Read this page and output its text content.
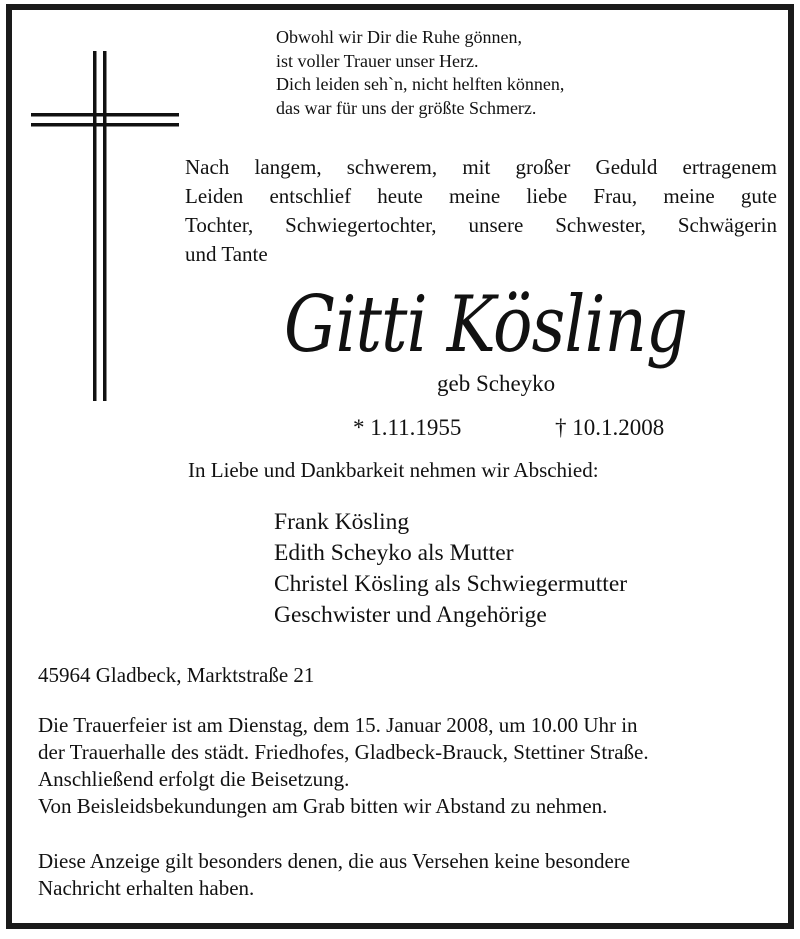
Obwohl wir Dir die Ruhe gönnen,
ist voller Trauer unser Herz.
Dich leiden seh`n, nicht helften können,
das war für uns der größte Schmerz.
Nach langem, schwerem, mit großer Geduld ertragenem
Leiden entschlief heute meine liebe Frau, meine gute
Tochter, Schwiegertochter, unsere Schwester, Schwägerin
und Tante
Gitti Kösling
geb Scheyko
* 1.11.1955	† 10.1.2008
In Liebe und Dankbarkeit nehmen wir Abschied:
Frank Kösling
Edith Scheyko als Mutter
Christel Kösling als Schwiegermutter
Geschwister und Angehörige
45964 Gladbeck, Marktstraße 21
Die Trauerfeier ist am Dienstag, dem 15. Januar 2008, um 10.00 Uhr in
der Trauerhalle des städt. Friedhofes, Gladbeck-Brauck, Stettiner Straße.
Anschließend erfolgt die Beisetzung.
Von Beisleidsbekundungen am Grab bitten wir Abstand zu nehmen.
Diese Anzeige gilt besonders denen, die aus Versehen keine besondere
Nachricht erhalten haben.
